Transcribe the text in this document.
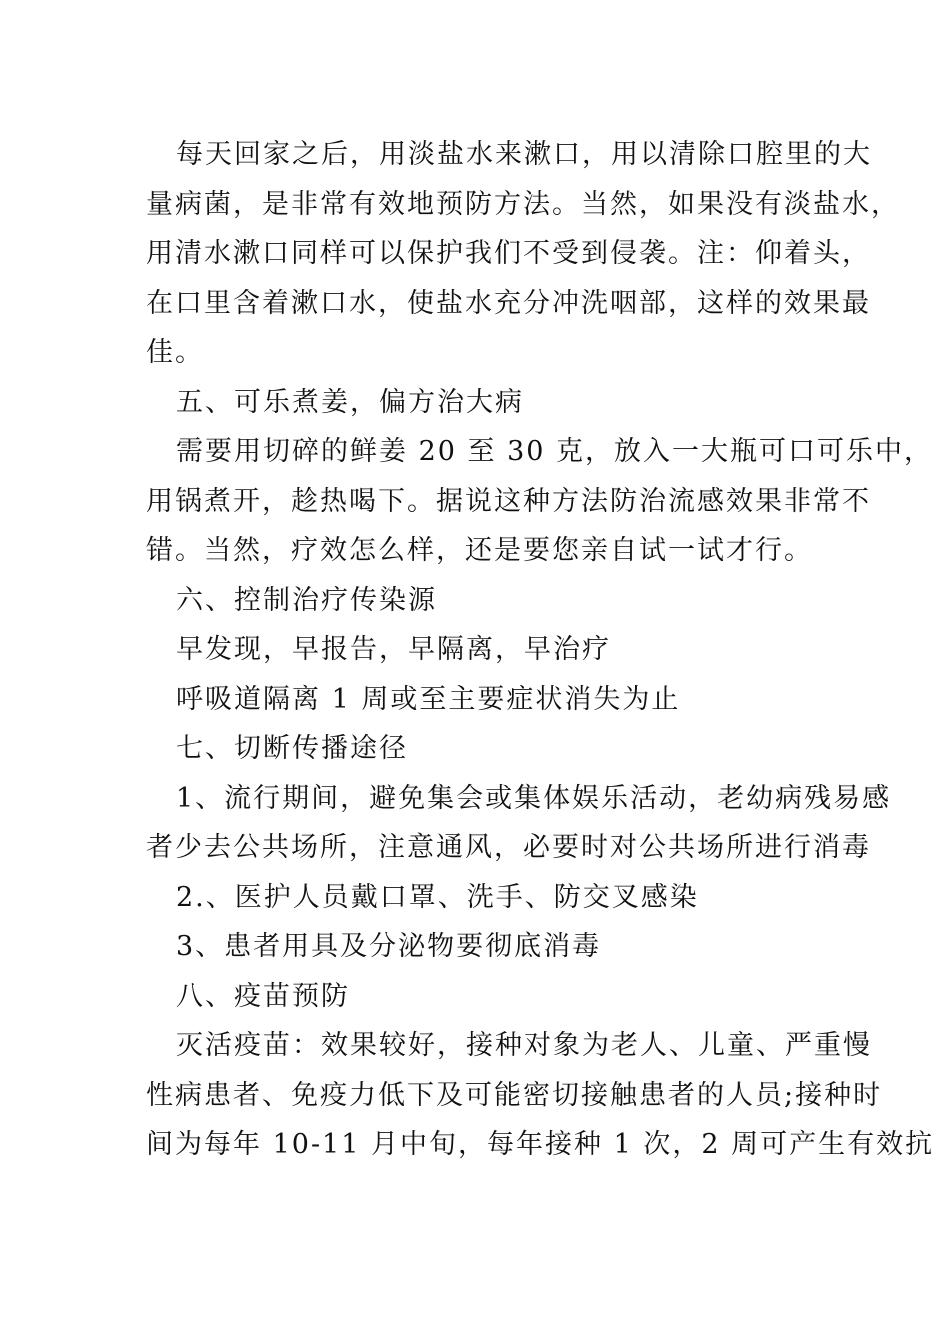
每天回家之后，用淡盐水来漱口，用以清除口腔里的大
量病菌，是非常有效地预防方法。当然，如果没有淡盐水，
用清水漱口同样可以保护我们不受到侵袭。注：仰着头，
在口里含着漱口水，使盐水充分冲洗咽部，这样的效果最
佳。
五、可乐煮姜，偏方治大病
需要用切碎的鲜姜 20 至 30 克，放入一大瓶可口可乐中，
用锅煮开，趁热喝下。据说这种方法防治流感效果非常不
错。当然，疗效怎么样，还是要您亲自试一试才行。
六、控制治疗传染源
早发现，早报告，早隔离，早治疗
呼吸道隔离 1 周或至主要症状消失为止
七、切断传播途径
1、流行期间，避免集会或集体娱乐活动，老幼病残易感
者少去公共场所，注意通风，必要时对公共场所进行消毒
2.、医护人员戴口罩、洗手、防交叉感染
3、患者用具及分泌物要彻底消毒
八、疫苗预防
灭活疫苗：效果较好，接种对象为老人、儿童、严重慢
性病患者、免疫力低下及可能密切接触患者的人员;接种时
间为每年 10-11 月中旬，每年接种 1 次，2 周可产生有效抗
